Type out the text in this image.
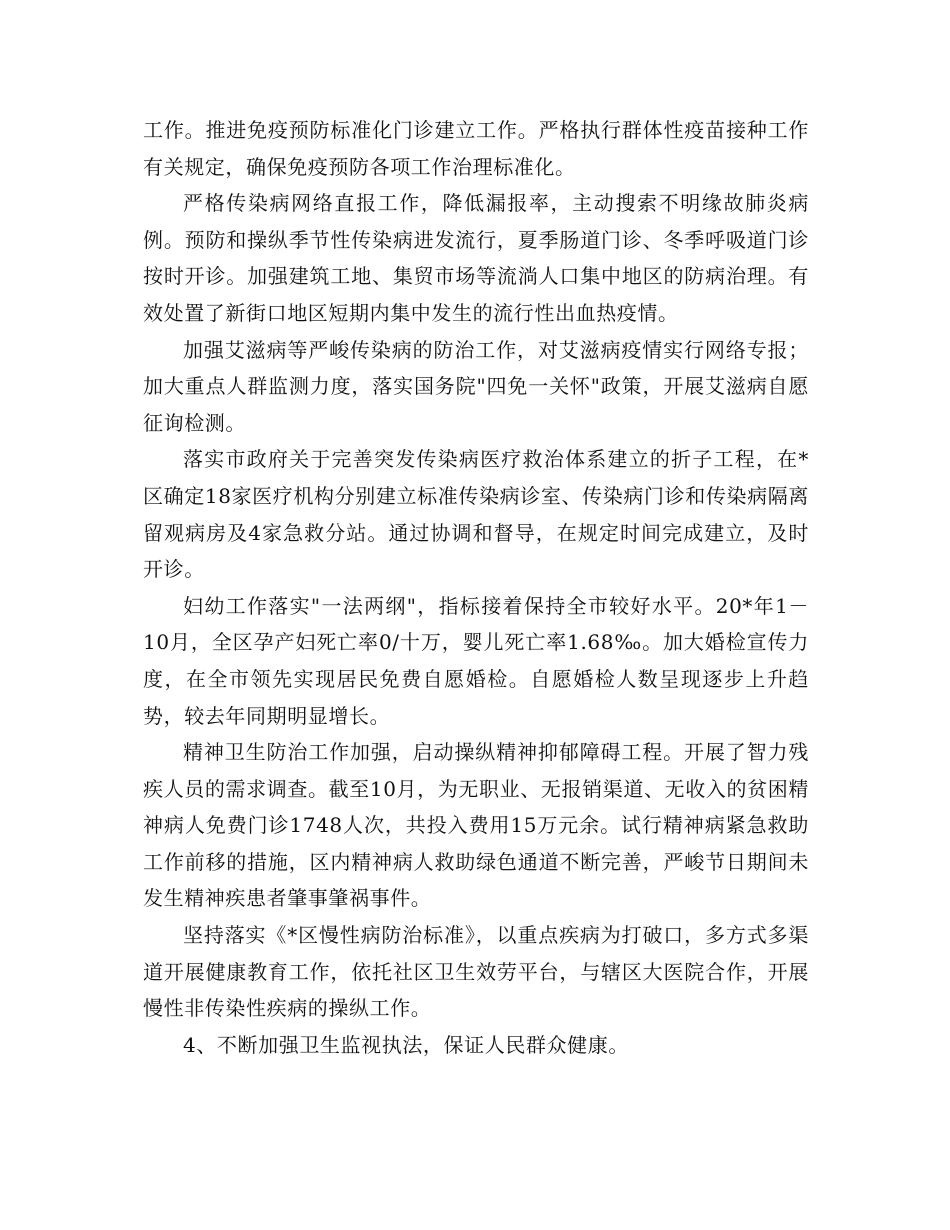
工作。推进免疫预防标准化门诊建立工作。严格执行群体性疫苗接种工作有关规定，确保免疫预防各项工作治理标准化。

严格传染病网络直报工作，降低漏报率，主动搜索不明缘故肺炎病例。预防和操纵季节性传染病进发流行，夏季肠道门诊、冬季呼吸道门诊按时开诊。加强建筑工地、集贸市场等流淌人口集中地区的防病治理。有效处置了新街口地区短期内集中发生的流行性出血热疫情。

加强艾滋病等严峻传染病的防治工作，对艾滋病疫情实行网络专报；加大重点人群监测力度，落实国务院"四免一关怀"政策，开展艾滋病自愿征询检测。

落实市政府关于完善突发传染病医疗救治体系建立的折子工程，在*区确定18家医疗机构分别建立标准传染病诊室、传染病门诊和传染病隔离留观病房及4家急救分站。通过协调和督导，在规定时间完成建立，及时开诊。

妇幼工作落实"一法两纲"，指标接着保持全市较好水平。20*年1－10月，全区孕产妇死亡率0/十万，婴儿死亡率1.68‰。加大婚检宣传力度，在全市领先实现居民免费自愿婚检。自愿婚检人数呈现逐步上升趋势，较去年同期明显增长。

精神卫生防治工作加强，启动操纵精神抑郁障碍工程。开展了智力残疾人员的需求调查。截至10月，为无职业、无报销渠道、无收入的贫困精神病人免费门诊1748人次，共投入费用15万元余。试行精神病紧急救助工作前移的措施，区内精神病人救助绿色通道不断完善，严峻节日期间未发生精神疾患者肇事肇祸事件。

坚持落实《*区慢性病防治标准》，以重点疾病为打破口，多方式多渠道开展健康教育工作，依托社区卫生效劳平台，与辖区大医院合作，开展慢性非传染性疾病的操纵工作。

4、不断加强卫生监视执法，保证人民群众健康。
